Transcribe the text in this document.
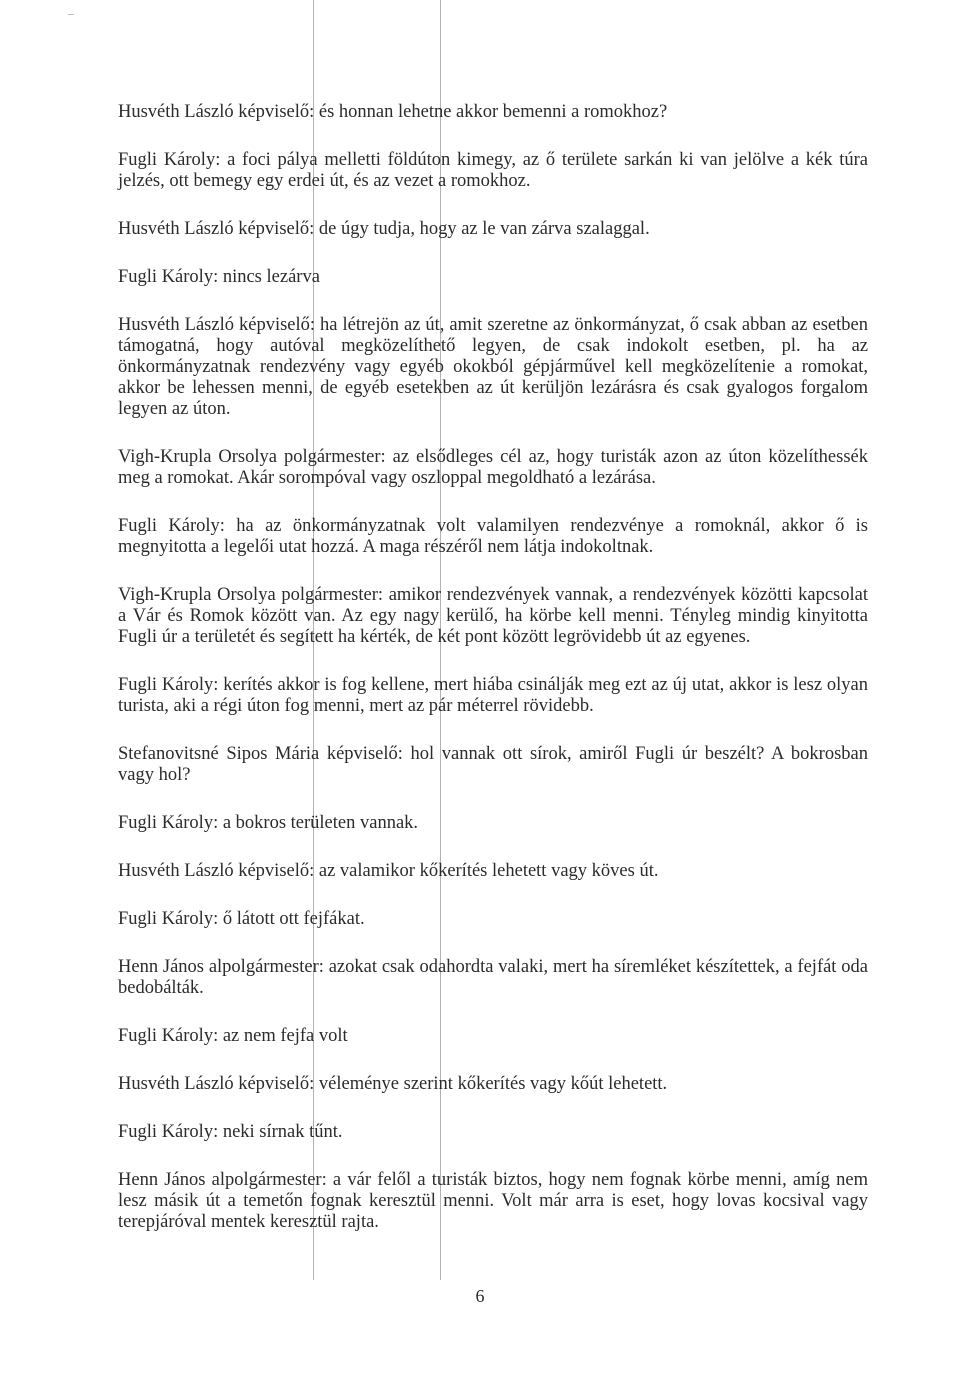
Husvéth László képviselő: és honnan lehetne akkor bemenni a romokhoz?

Fugli Károly: a foci pálya melletti földúton kimegy, az ő területe sarkán ki van jelölve a kék túra jelzés, ott bemegy egy erdei út, és az vezet a romokhoz.

Husvéth László képviselő: de úgy tudja, hogy az le van zárva szalaggal.

Fugli Károly: nincs lezárva

Husvéth László képviselő: ha létrejön az út, amit szeretne az önkormányzat, ő csak abban az esetben támogatná, hogy autóval megközelíthető legyen, de csak indokolt esetben, pl. ha az önkormányzatnak rendezvény vagy egyéb okokból gépjárművel kell megközelítenie a romokat, akkor be lehessen menni, de egyéb esetekben az út kerüljön lezárásra és csak gyalogos forgalom legyen az úton.

Vigh-Krupla Orsolya polgármester: az elsődleges cél az, hogy turisták azon az úton közelíthessék meg a romokat. Akár sorompóval vagy oszloppal megoldható a lezárása.

Fugli Károly: ha az önkormányzatnak volt valamilyen rendezvénye a romoknál, akkor ő is megnyitotta a legelői utat hozzá. A maga részéről nem látja indokoltnak.

Vigh-Krupla Orsolya polgármester: amikor rendezvények vannak, a rendezvények közötti kapcsolat a Vár és Romok között van. Az egy nagy kerülő, ha körbe kell menni. Tényleg mindig kinyitotta Fugli úr a területét és segített ha kérték, de két pont között legrövidebb út az egyenes.

Fugli Károly: kerítés akkor is fog kellene, mert hiába csinálják meg ezt az új utat, akkor is lesz olyan turista, aki a régi úton fog menni, mert az pár méterrel rövidebb.

Stefanovitsné Sipos Mária képviselő: hol vannak ott sírok, amiről Fugli úr beszélt? A bokrosban vagy hol?

Fugli Károly: a bokros területen vannak.

Husvéth László képviselő: az valamikor kőkerítés lehetett vagy köves út.

Fugli Károly: ő látott ott fejfákat.

Henn János alpolgármester: azokat csak odahordta valaki, mert ha síremléket készítettek, a fejfát oda bedobálták.

Fugli Károly: az nem fejfa volt

Husvéth László képviselő: véleménye szerint kőkerítés vagy kőút lehetett.

Fugli Károly: neki sírnak tűnt.

Henn János alpolgármester: a vár felől a turisták biztos, hogy nem fognak körbe menni, amíg nem lesz másik út a temetőn fognak keresztül menni. Volt már arra is eset, hogy lovas kocsival vagy terepjáróval mentek keresztül rajta.

6
